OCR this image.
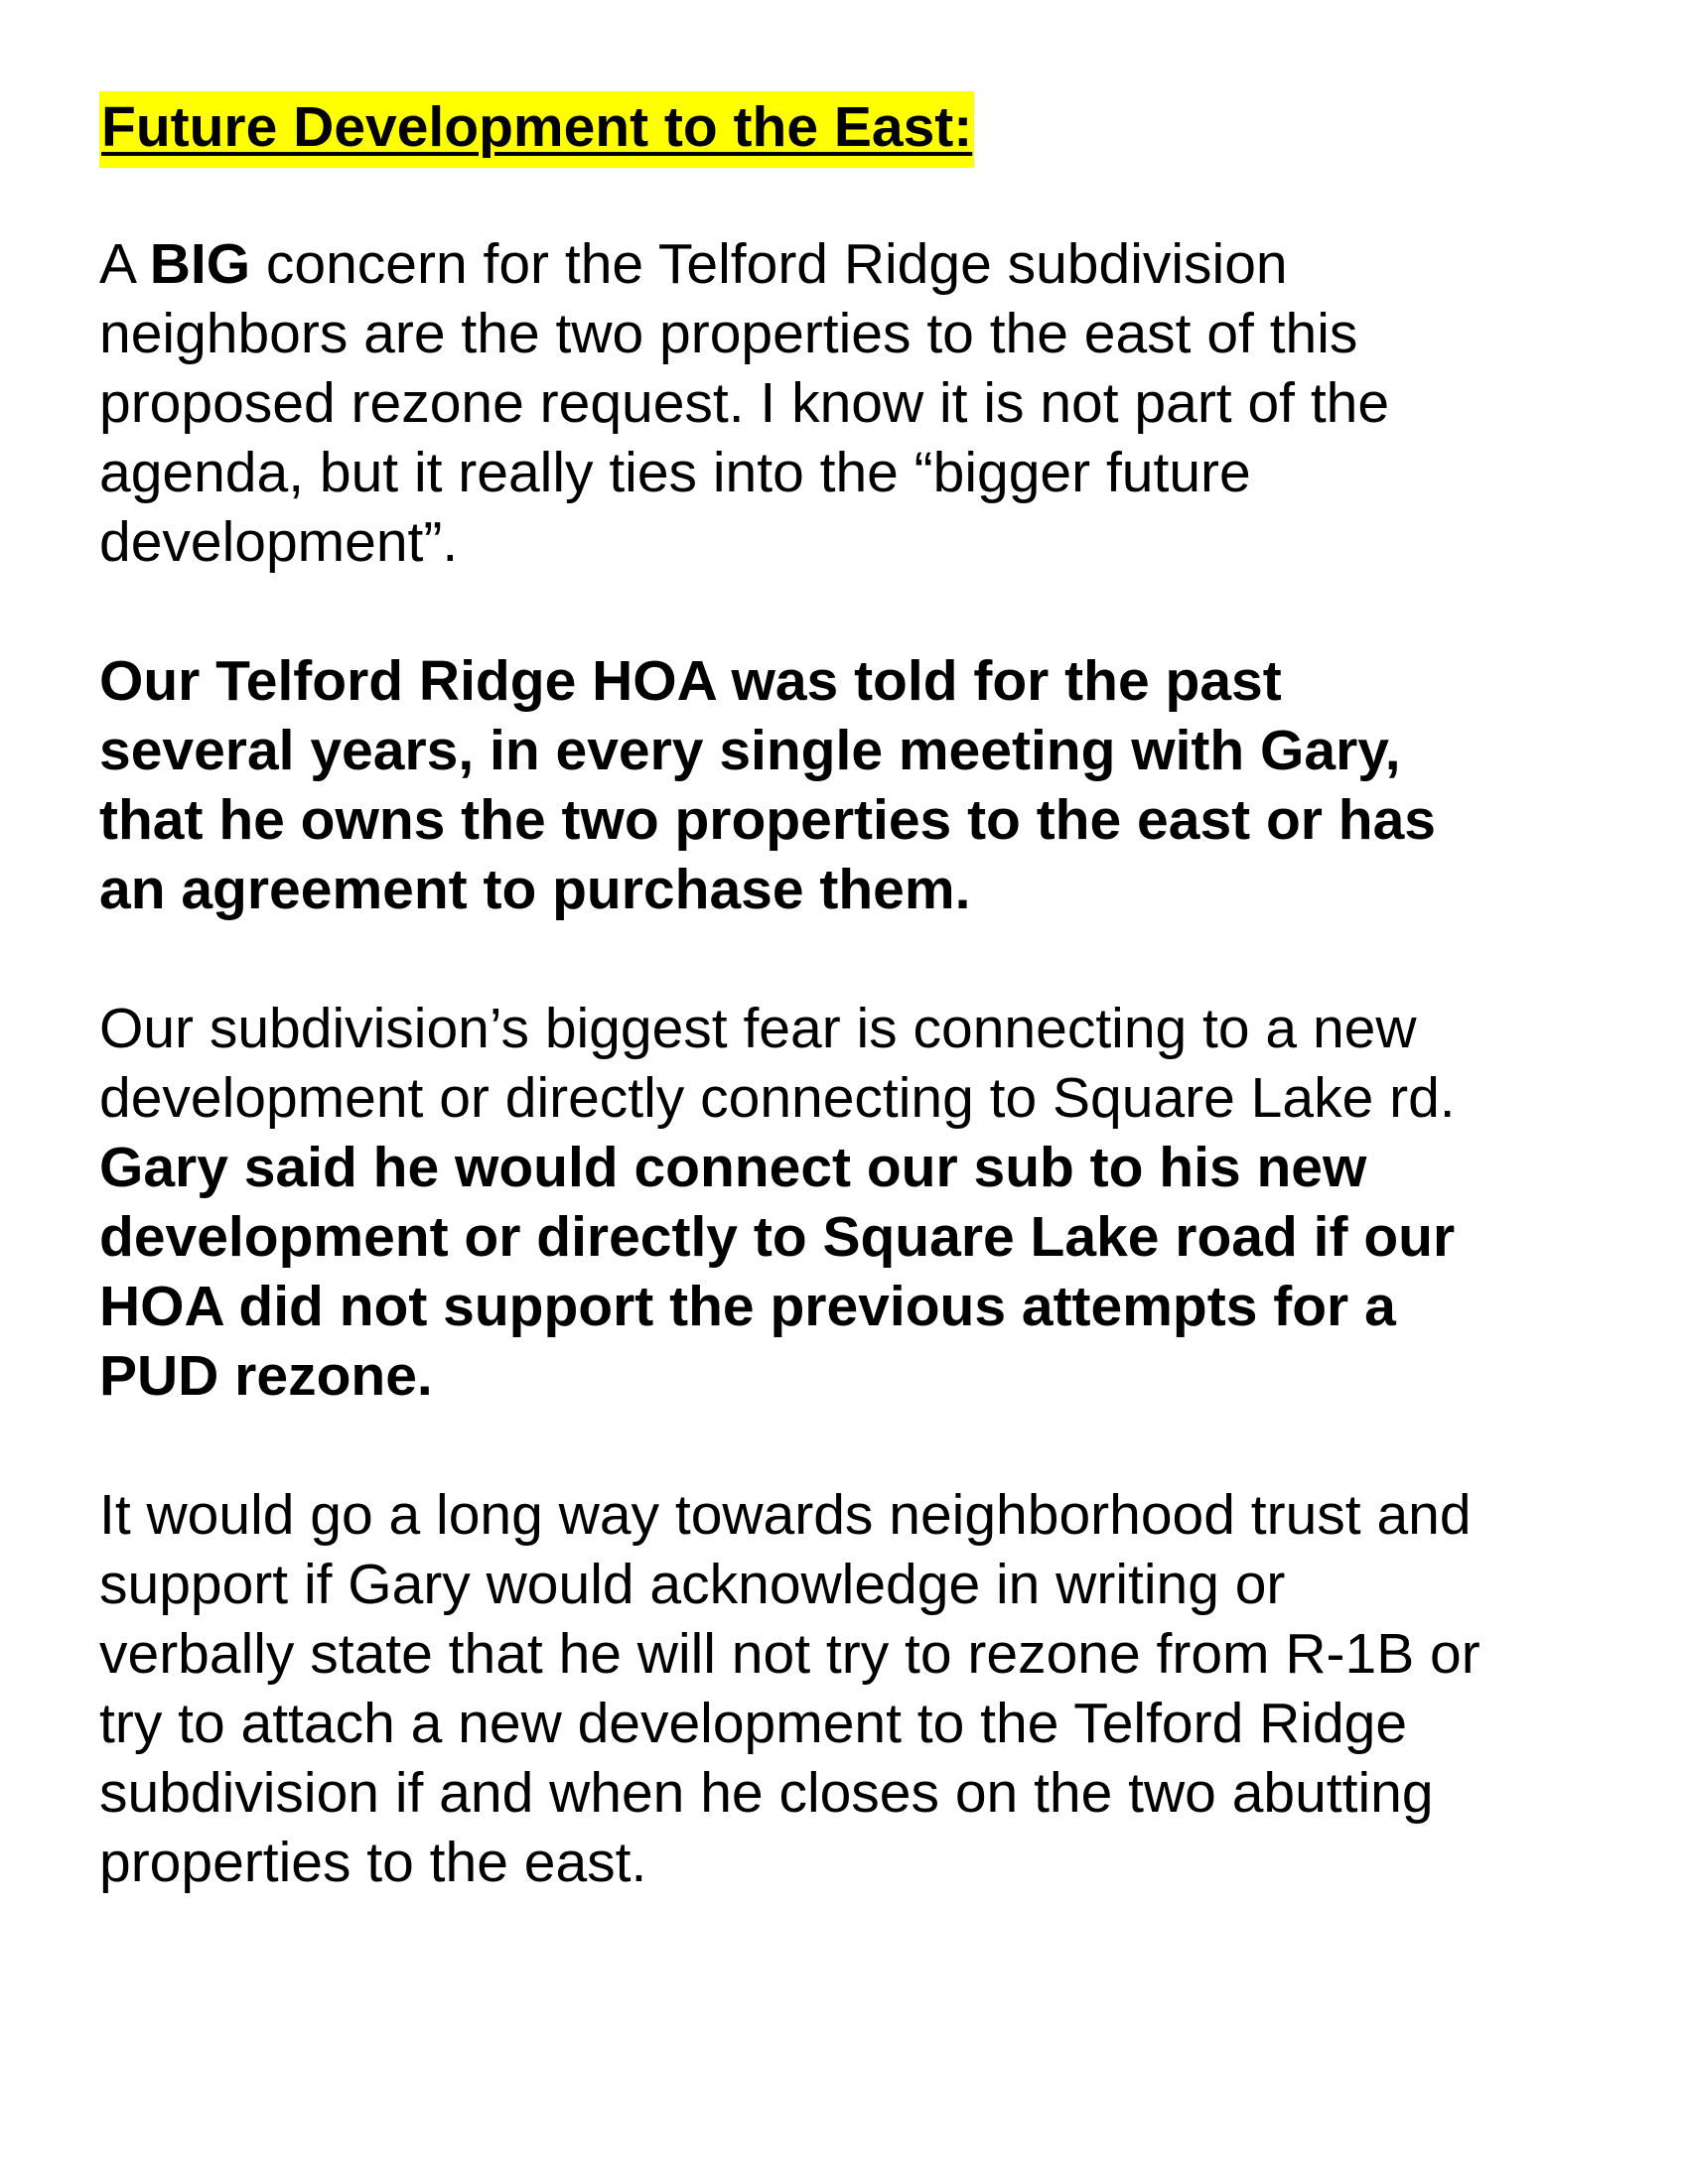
Future Development to the East:

A BIG concern for the Telford Ridge subdivision
neighbors are the two properties to the east of this
proposed rezone request. I know it is not part of the
agenda, but it really ties into the “bigger future
development”.

Our Telford Ridge HOA was told for the past
several years, in every single meeting with Gary,
that he owns the two properties to the east or has
an agreement to purchase them.

Our subdivision’s biggest fear is connecting to a new
development or directly connecting to Square Lake rd.
Gary said he would connect our sub to his new
development or directly to Square Lake road if our
HOA did not support the previous attempts for a
PUD rezone.

It would go a long way towards neighborhood trust and
support if Gary would acknowledge in writing or
verbally state that he will not try to rezone from R-1B or
try to attach a new development to the Telford Ridge
subdivision if and when he closes on the two abutting
properties to the east.
